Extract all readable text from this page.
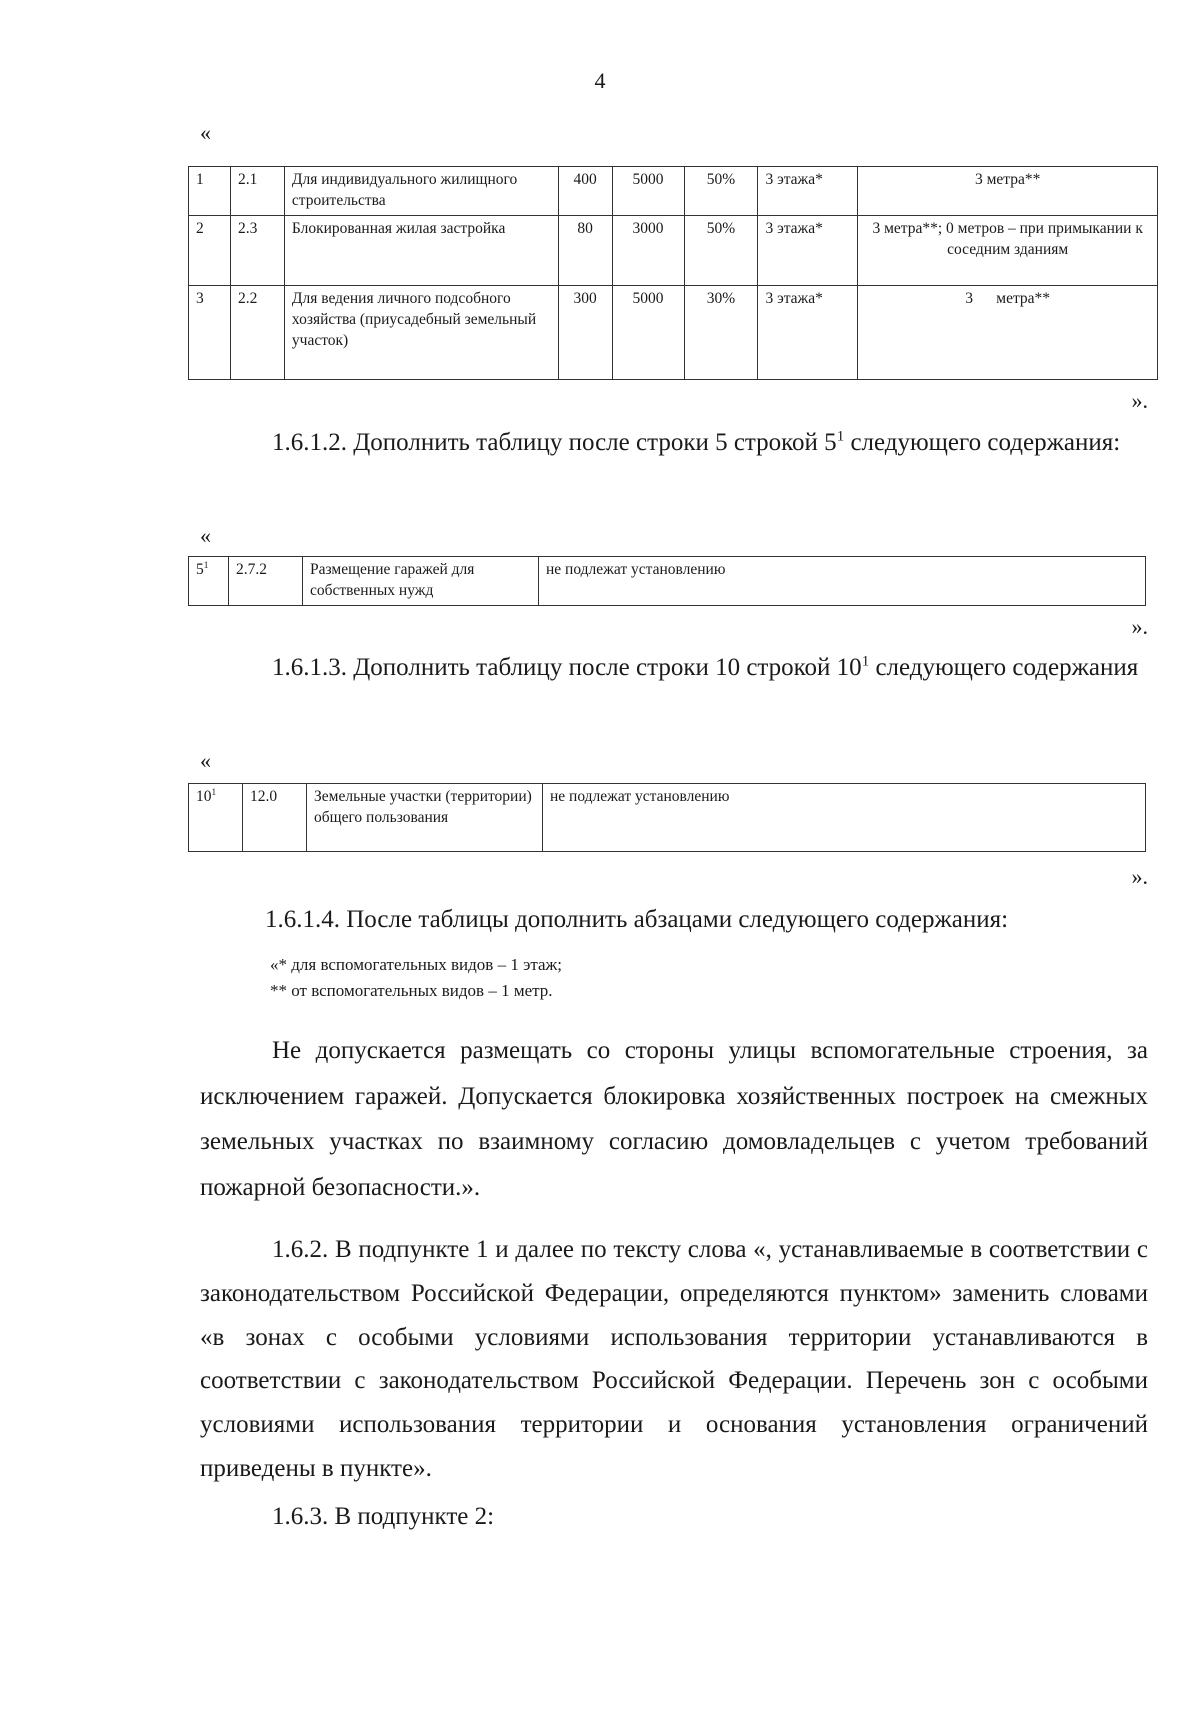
4
«
1	2.1	Для индивидуального жилищного строительства	400	5000	50%	3 этажа*	3 метра**
2	2.3	Блокированная жилая застройка	80	3000	50%	3 этажа*	3 метра**; 0 метров – при примыкании к соседним зданиям
3	2.2	Для ведения личного подсобного хозяйства (приусадебный земельный участок)	300	5000	30%	3 этажа*	3      метра**
».

1.6.1.2. Дополнить таблицу после строки 5 строкой $5^1$ следующего содержания:

«
$5^1$	2.7.2	Размещение гаражей для собственных нужд	не подлежат установлению
».

1.6.1.3. Дополнить таблицу после строки 10 строкой $10^1$ следующего содержания

«
$10^1$	12.0	Земельные участки (территории) общего пользования	не подлежат установлению
».

1.6.1.4. После таблицы дополнить абзацами следующего содержания:

«* для вспомогательных видов – 1 этаж;
** от вспомогательных видов – 1 метр.

Не допускается размещать со стороны улицы вспомогательные строения, за исключением гаражей. Допускается блокировка хозяйственных построек на смежных земельных участках по взаимному согласию домовладельцев с учетом требований пожарной безопасности.».

1.6.2. В подпункте 1 и далее по тексту слова «, устанавливаемые в соответствии с законодательством Российской Федерации, определяются пунктом» заменить словами «в зонах с особыми условиями использования территории устанавливаются в соответствии с законодательством Российской Федерации. Перечень зон с особыми условиями использования территории и основания установления ограничений приведены в пункте».

1.6.3. В подпункте 2:
